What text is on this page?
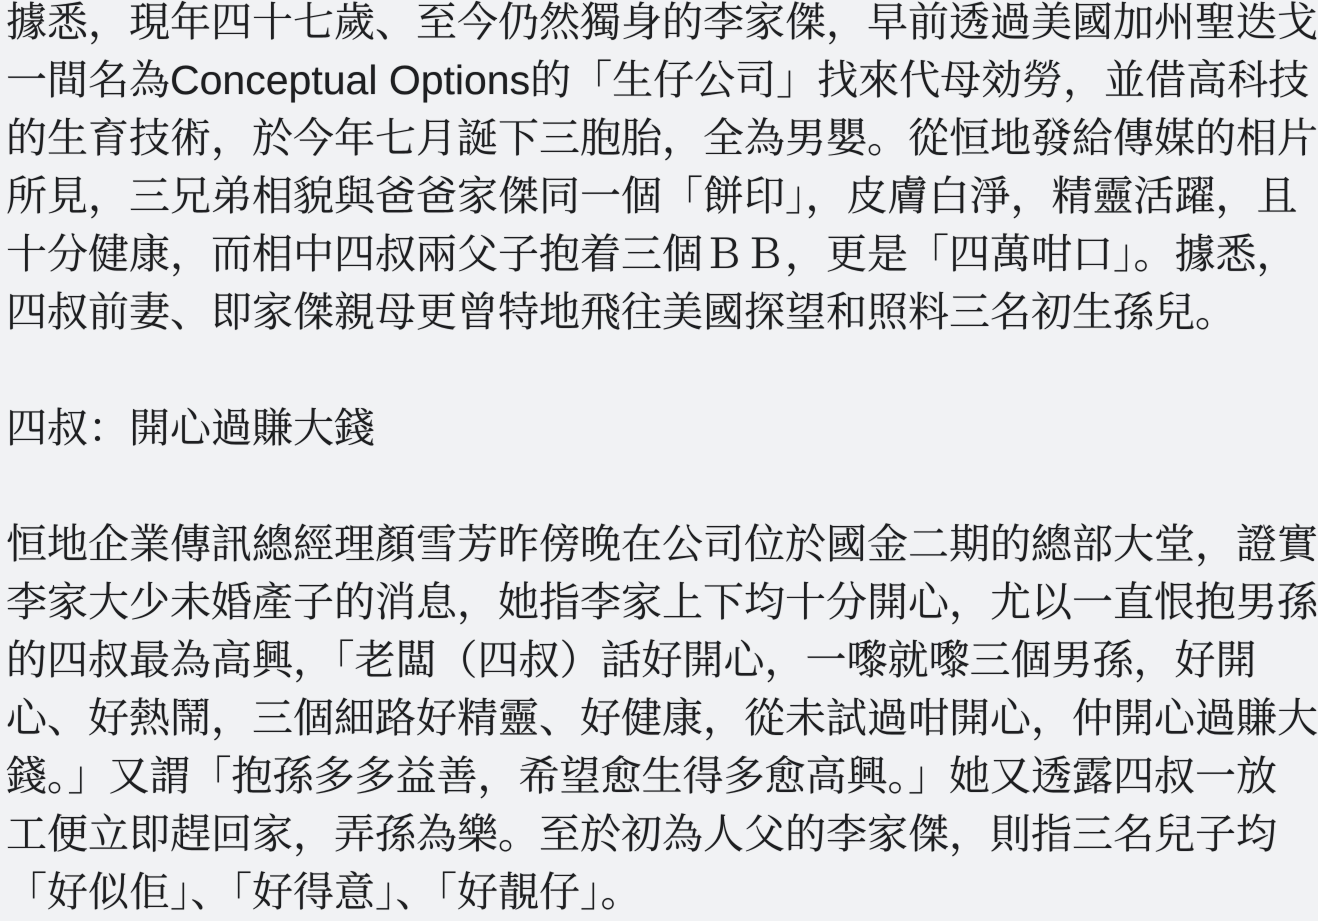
據悉，現年四十七歲、至今仍然獨身的李家傑，早前透過美國加州聖迭戈
一間名為Conceptual Options的「生仔公司」找來代母効勞，並借高科技
的生育技術，於今年七月誕下三胞胎，全為男嬰。從恒地發給傳媒的相片
所見，三兄弟相貌與爸爸家傑同一個「餅印」，皮膚白淨，精靈活躍，且
十分健康，而相中四叔兩父子抱着三個ＢＢ，更是「四萬咁口」。據悉，
四叔前妻、即家傑親母更曾特地飛往美國探望和照料三名初生孫兒。
四叔：開心過賺大錢
恒地企業傳訊總經理顏雪芳昨傍晚在公司位於國金二期的總部大堂，證實
李家大少未婚產子的消息，她指李家上下均十分開心，尤以一直恨抱男孫
的四叔最為高興，「老闆（四叔）話好開心，一嚟就嚟三個男孫，好開
心、好熱鬧，三個細路好精靈、好健康，從未試過咁開心，仲開心過賺大
錢。」又謂「抱孫多多益善，希望愈生得多愈高興。」她又透露四叔一放
工便立即趕回家，弄孫為樂。至於初為人父的李家傑，則指三名兒子均
「好似佢」、「好得意」、「好靚仔」。
